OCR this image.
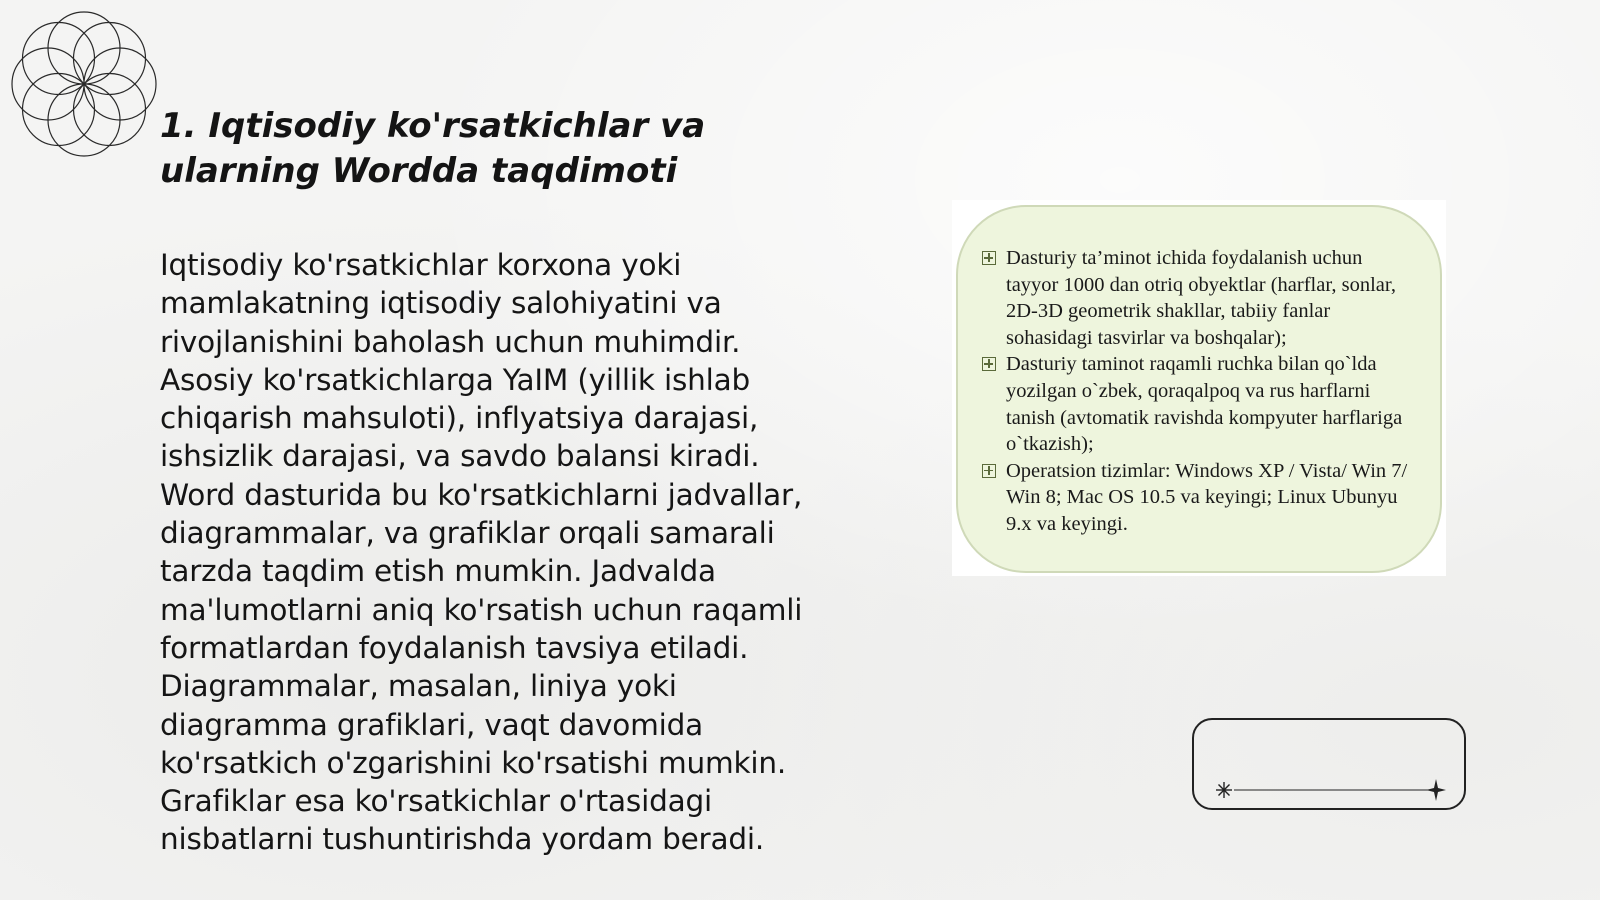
1. Iqtisodiy ko'rsatkichlar va ularning Wordda taqdimoti

Iqtisodiy ko'rsatkichlar korxona yoki mamlakatning iqtisodiy salohiyatini va rivojlanishini baholash uchun muhimdir. Asosiy ko'rsatkichlarga YaIM (yillik ishlab chiqarish mahsuloti), inflyatsiya darajasi, ishsizlik darajasi, va savdo balansi kiradi. Word dasturida bu ko'rsatkichlarni jadvallar, diagrammalar, va grafiklar orqali samarali tarzda taqdim etish mumkin. Jadvalda ma'lumotlarni aniq ko'rsatish uchun raqamli formatlardan foydalanish tavsiya etiladi. Diagrammalar, masalan, liniya yoki diagramma grafiklari, vaqt davomida ko'rsatkich o'zgarishini ko'rsatishi mumkin. Grafiklar esa ko'rsatkichlar o'rtasidagi nisbatlarni tushuntirishda yordam beradi.

Dasturiy ta’minot ichida foydalanish uchun tayyor 1000 dan otriq obyektlar (harflar, sonlar, 2D-3D geometrik shakllar, tabiiy fanlar sohasidagi tasvirlar va boshqalar);
Dasturiy taminot raqamli ruchka bilan qo`lda yozilgan o`zbek, qoraqalpoq va rus harflarni tanish (avtomatik ravishda kompyuter harflariga o`tkazish);
Operatsion tizimlar: Windows XP / Vista/ Win 7/ Win 8; Mac OS 10.5 va keyingi; Linux Ubunyu 9.x va keyingi.
